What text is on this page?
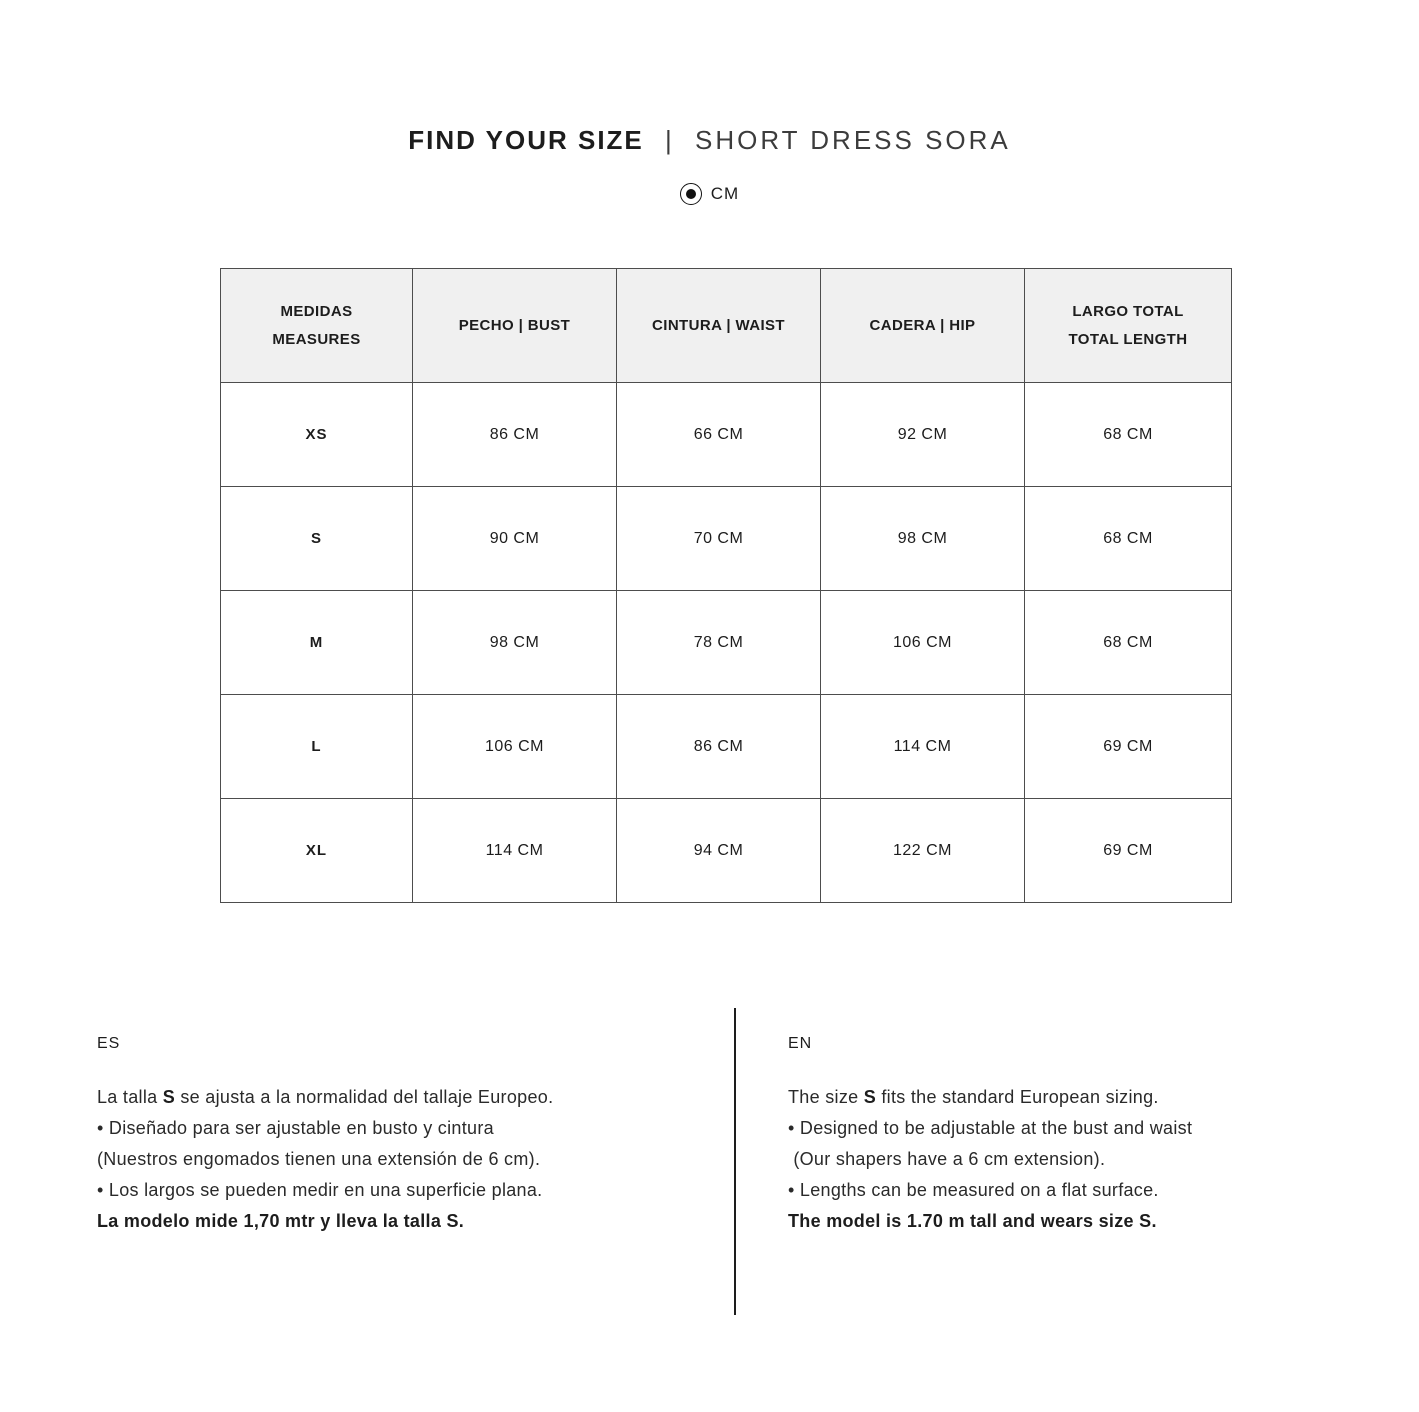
FIND YOUR SIZE | SHORT DRESS SORA
CM
MEDIDAS
MEASURES	PECHO | BUST	CINTURA | WAIST	CADERA | HIP	LARGO TOTAL
TOTAL LENGTH

XS	86 CM	66 CM	92 CM	68 CM
S	90 CM	70 CM	98 CM	68 CM
M	98 CM	78 CM	106 CM	68 CM
L	106 CM	86 CM	114 CM	69 CM
XL	114 CM	94 CM	122 CM	69 CM
ES

La talla S se ajusta a la normalidad del tallaje Europeo.

• Diseñado para ser ajustable en busto y cintura

(Nuestros engomados tienen una extensión de 6 cm).

• Los largos se pueden medir en una superficie plana.

La modelo mide 1,70 mtr y lleva la talla S.

EN

The size S fits the standard European sizing.

• Designed to be adjustable at the bust and waist

(Our shapers have a 6 cm extension).

• Lengths can be measured on a flat surface.

The model is 1.70 m tall and wears size S.
